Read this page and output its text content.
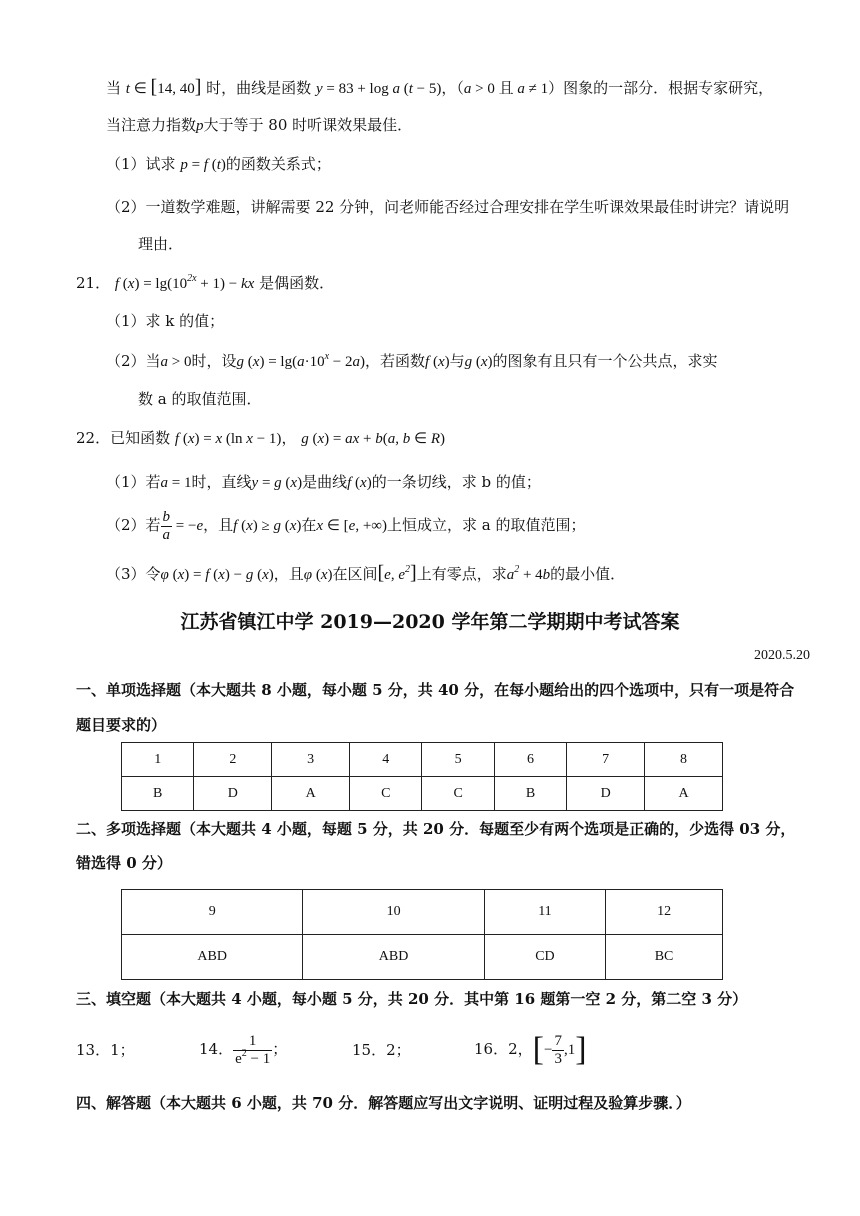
当 t ∈ [14, 40] 时，曲线是函数 y = 83 + log a (t − 5)，（a > 0 且 a ≠ 1）图象的一部分．根据专家研究，
当注意力指数p大于等于 80 时听课效果最佳．
（1）试求 p = f (t)的函数关系式；
（2）一道数学难题，讲解需要 22 分钟，问老师能否经过合理安排在学生听课效果最佳时讲完？请说明
理由．
21． f $(x) = \lg(10^{2x} + 1)$ − kx 是偶函数．
（1）求 k 的值；
（2）当a > 0时，设g $(x) = \lg(a\cdot 10^x - 2a)$，若函数f (x)与g (x)的图象有且只有一个公共点，求实
数 a 的取值范围．
22．已知函数 f (x) = x (ln x − 1)， g (x) = ax + b(a, b ∈ R)
（1）若a = 1时，直线y = g (x)是曲线f (x)的一条切线，求 b 的值；
（2）若 $\frac{b}{a} = -e$，且f (x) ≥ g (x)在x ∈ [e, +∞)上恒成立，求 a 的取值范围；
（3）令φ (x) = f (x) − g (x)，且φ (x)在区间[e, $e^2$]上有零点，求$a^2 + 4b$的最小值．
江苏省镇江中学 2019—2020 学年第二学期期中考试答案
2020.5.20
一、单项选择题（本大题共 8 小题，每小题 5 分，共 40 分，在每小题给出的四个选项中，只有一项是符合
题目要求的）
1	2	3	4	5	6	7	8
B	D	A	C	C	B	D	A
二、多项选择题（本大题共 4 小题，每题 5 分，共 20 分．每题至少有两个选项是正确的，少选得 03 分，
错选得 0 分）
9	10	11	12
ABD	ABD	CD	BC
三、填空题（本大题共 4 小题，每小题 5 分，共 20 分．其中第 16 题第一空 2 分，第二空 3 分）
13．1；	14． $\frac{1}{e^2 - 1}$ ；	15．2；	16．2，[− $\frac{7}{3} ,1$]
四、解答题（本大题共 6 小题，共 70 分．解答题应写出文字说明、证明过程及验算步骤．）
